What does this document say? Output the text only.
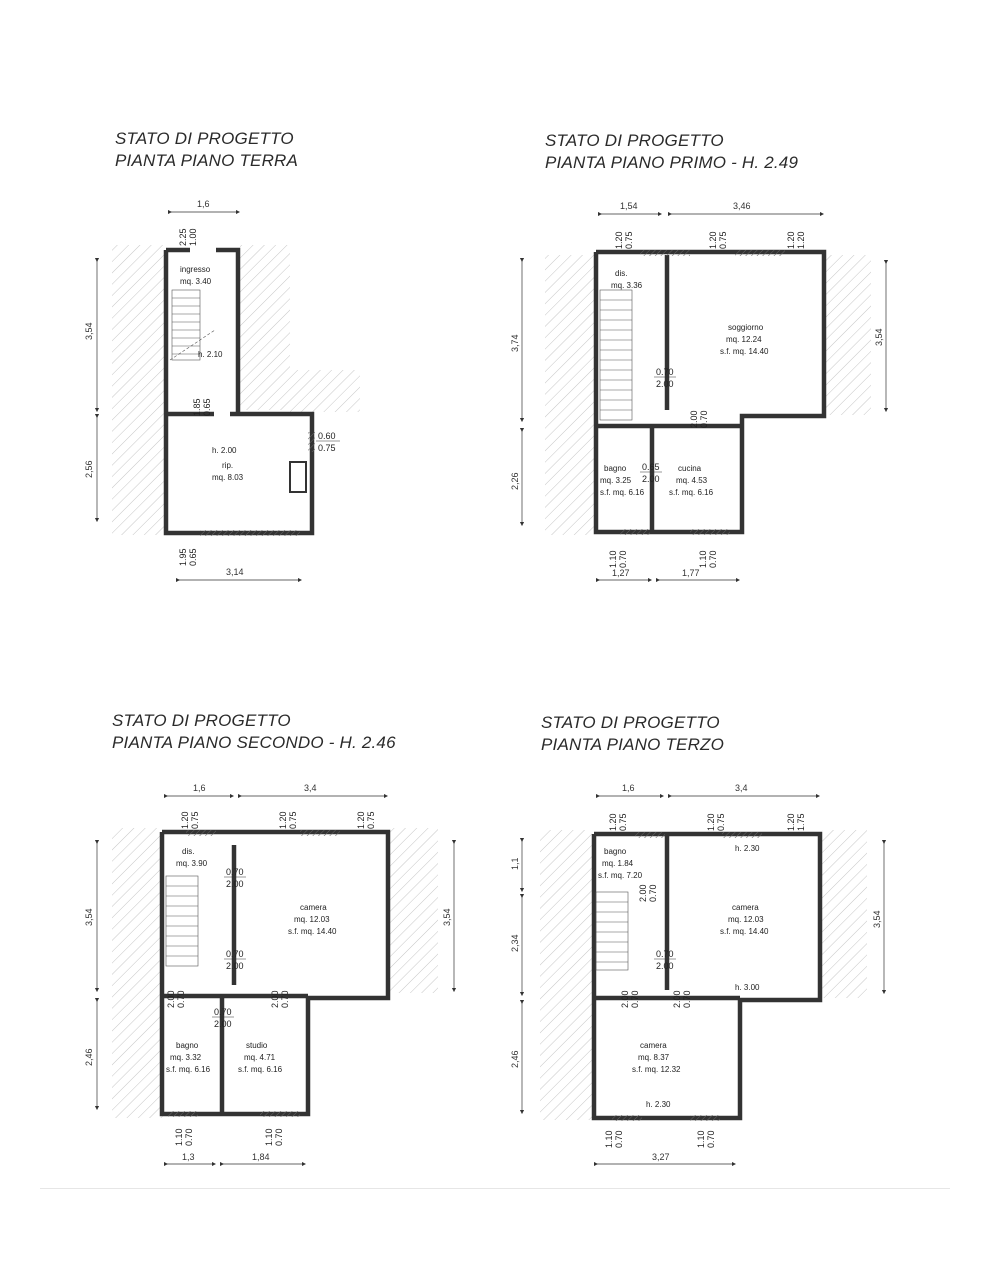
STATO DI PROGETTO
PIANTA PIANO TERRA
STATO DI PROGETTO
PIANTA PIANO PRIMO - H. 2.49
STATO DI PROGETTO
PIANTA PIANO SECONDO - H. 2.46
STATO DI PROGETTO
PIANTA PIANO TERZO
ingresso
mq. 3.40
h. 2.10
h. 2.00
rip.
mq. 8.03
1,6
3,14
3,54
2,56
1.00
2.25
0.65
1.85
0.60
0.75
0.65
1.95
dis.
mq. 3.36
soggiorno
mq. 12.24
s.f. mq. 14.40
bagno
mq. 3.25
s.f. mq. 6.16
cucina
mq. 4.53
s.f. mq. 6.16
0.70
2.00
0.65
2.00
0.70
2.00
0.75
1.20	0.75
1.20	1.20
1.20
0.70
1.10	0.70
1.10
1,54	3,46
1,27	1,77
3,74
2,26
3,54
dis.
mq. 3.90
camera
mq. 12.03
s.f. mq. 14.40
bagno
mq. 3.32
s.f. mq. 6.16
studio
mq. 4.71
s.f. mq. 6.16
0.70
2.00
0.70
2.00
0.70
2.00
0.70
2.00	0.70
2.00
0.75
1.20	0.75
1.20	0.75
1.20
0.70
1.10	0.70
1.10
1,6	3,4
1,3	1,84
3,54
2,46
3,54
bagno
mq. 1.84
s.f. mq. 7.20
camera
mq. 12.03
s.f. mq. 14.40
camera
mq. 8.37
s.f. mq. 12.32
h. 2.30
h. 3.00
h. 2.30
0.70
2.00
0.70
2.00
0.70
2.00	0.70
2.00
0.75
1.20	0.75
1.20	1.75
1.20
0.70
1.10	0.70
1.10
1,6	3,4
3,27
1,1
2,34
2,46
3,54
